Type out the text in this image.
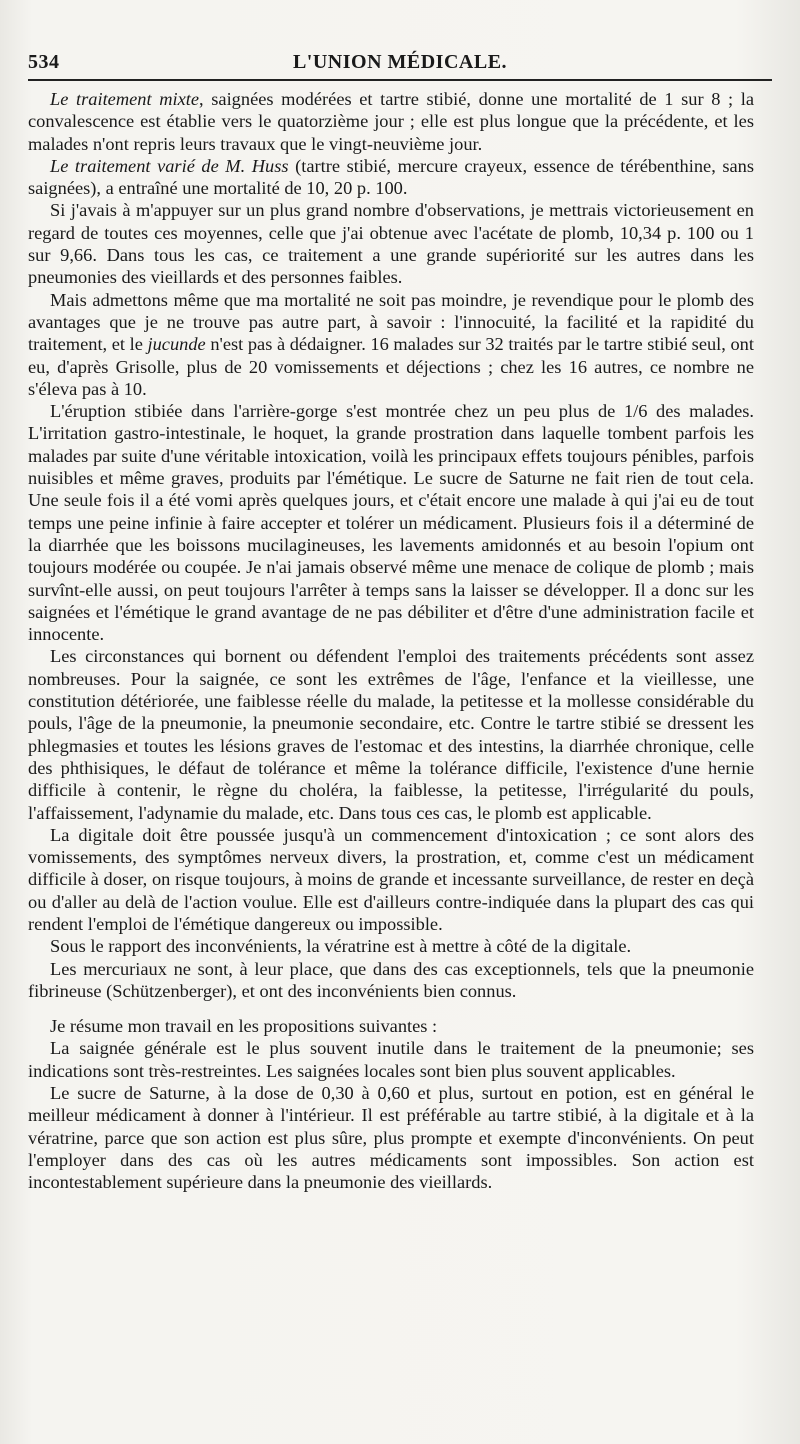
534	L'UNION MÉDICALE.

Le traitement mixte, saignées modérées et tartre stibié, donne une mortalité de 1 sur 8 ; la convalescence est établie vers le quatorzième jour ; elle est plus longue que la précédente, et les malades n'ont repris leurs travaux que le vingt-neuvième jour.

Le traitement varié de M. Huss (tartre stibié, mercure crayeux, essence de térébenthine, sans saignées), a entraîné une mortalité de 10, 20 p. 100.

Si j'avais à m'appuyer sur un plus grand nombre d'observations, je mettrais victorieusement en regard de toutes ces moyennes, celle que j'ai obtenue avec l'acétate de plomb, 10,34 p. 100 ou 1 sur 9,66. Dans tous les cas, ce traitement a une grande supériorité sur les autres dans les pneumonies des vieillards et des personnes faibles.

Mais admettons même que ma mortalité ne soit pas moindre, je revendique pour le plomb des avantages que je ne trouve pas autre part, à savoir : l'innocuité, la facilité et la rapidité du traitement, et le jucunde n'est pas à dédaigner. 16 malades sur 32 traités par le tartre stibié seul, ont eu, d'après Grisolle, plus de 20 vomissements et déjections ; chez les 16 autres, ce nombre ne s'éleva pas à 10.

L'éruption stibiée dans l'arrière-gorge s'est montrée chez un peu plus de 1/6 des malades. L'irritation gastro-intestinale, le hoquet, la grande prostration dans laquelle tombent parfois les malades par suite d'une véritable intoxication, voilà les principaux effets toujours pénibles, parfois nuisibles et même graves, produits par l'émétique. Le sucre de Saturne ne fait rien de tout cela. Une seule fois il a été vomi après quelques jours, et c'était encore une malade à qui j'ai eu de tout temps une peine infinie à faire accepter et tolérer un médicament. Plusieurs fois il a déterminé de la diarrhée que les boissons mucilagineuses, les lavements amidonnés et au besoin l'opium ont toujours modérée ou coupée. Je n'ai jamais observé même une menace de colique de plomb ; mais survînt-elle aussi, on peut toujours l'arrêter à temps sans la laisser se développer. Il a donc sur les saignées et l'émétique le grand avantage de ne pas débiliter et d'être d'une administration facile et innocente.

Les circonstances qui bornent ou défendent l'emploi des traitements précédents sont assez nombreuses. Pour la saignée, ce sont les extrêmes de l'âge, l'enfance et la vieillesse, une constitution détériorée, une faiblesse réelle du malade, la petitesse et la mollesse considérable du pouls, l'âge de la pneumonie, la pneumonie secondaire, etc. Contre le tartre stibié se dressent les phlegmasies et toutes les lésions graves de l'estomac et des intestins, la diarrhée chronique, celle des phthisiques, le défaut de tolérance et même la tolérance difficile, l'existence d'une hernie difficile à contenir, le règne du choléra, la faiblesse, la petitesse, l'irrégularité du pouls, l'affaissement, l'adynamie du malade, etc. Dans tous ces cas, le plomb est applicable.

La digitale doit être poussée jusqu'à un commencement d'intoxication ; ce sont alors des vomissements, des symptômes nerveux divers, la prostration, et, comme c'est un médicament difficile à doser, on risque toujours, à moins de grande et incessante surveillance, de rester en deçà ou d'aller au delà de l'action voulue. Elle est d'ailleurs contre-indiquée dans la plupart des cas qui rendent l'emploi de l'émétique dangereux ou impossible.

Sous le rapport des inconvénients, la vératrine est à mettre à côté de la digitale.

Les mercuriaux ne sont, à leur place, que dans des cas exceptionnels, tels que la pneumonie fibrineuse (Schützenberger), et ont des inconvénients bien connus.

Je résume mon travail en les propositions suivantes :

La saignée générale est le plus souvent inutile dans le traitement de la pneumonie; ses indications sont très-restreintes. Les saignées locales sont bien plus souvent applicables.

Le sucre de Saturne, à la dose de 0,30 à 0,60 et plus, surtout en potion, est en général le meilleur médicament à donner à l'intérieur. Il est préférable au tartre stibié, à la digitale et à la vératrine, parce que son action est plus sûre, plus prompte et exempte d'inconvénients. On peut l'employer dans des cas où les autres médicaments sont impossibles. Son action est incontestablement supérieure dans la pneumonie des vieillards.
